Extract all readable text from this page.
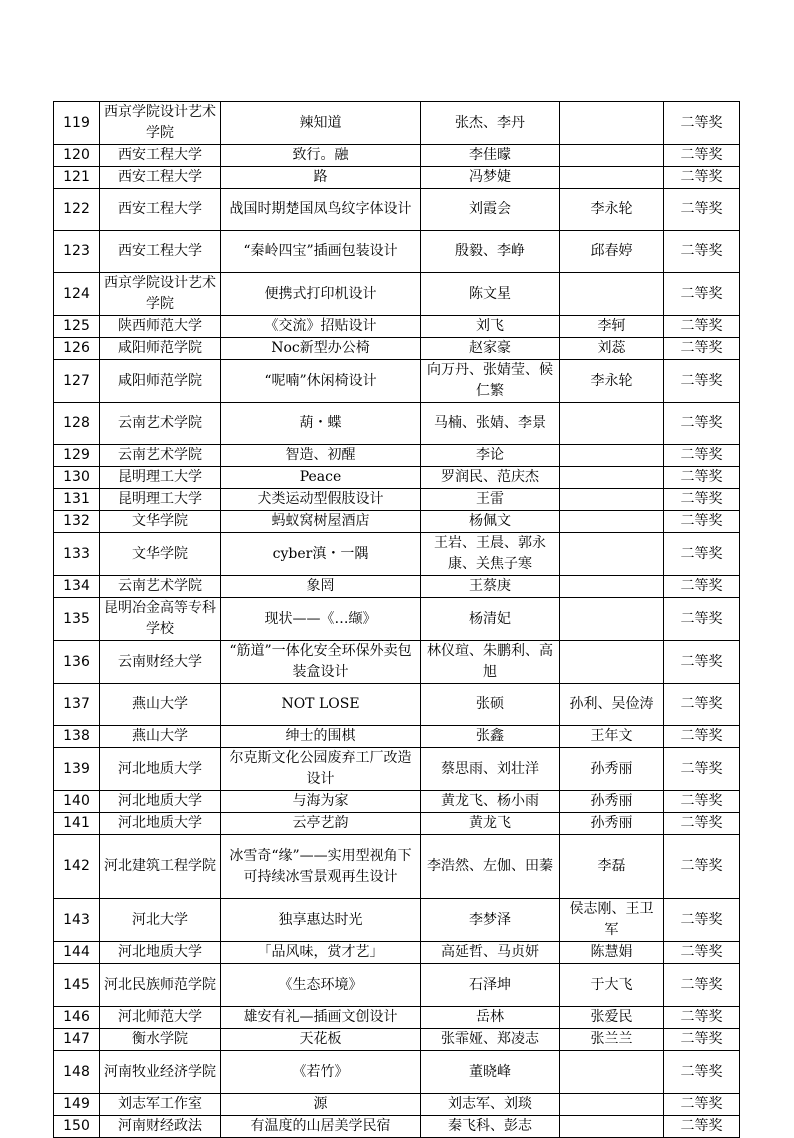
119	西京学院设计艺术学院	辣知道	张杰、李丹		二等奖
120	西安工程大学	致行。融	李佳曚		二等奖
121	西安工程大学	路	冯梦婕		二等奖
122	西安工程大学	战国时期楚国凤鸟纹字体设计	刘霞会	李永轮	二等奖
123	西安工程大学	“秦岭四宝”插画包装设计	殷毅、李峥	邱春婷	二等奖
124	西京学院设计艺术学院	便携式打印机设计	陈文星		二等奖
125	陕西师范大学	《交流》招贴设计	刘飞	李轲	二等奖
126	咸阳师范学院	Noc新型办公椅	赵家豪	刘蕊	二等奖
127	咸阳师范学院	“呢喃”休闲椅设计	向万丹、张婧莹、候仁繁	李永轮	二等奖
128	云南艺术学院	葫・蝶	马楠、张婧、李景		二等奖
129	云南艺术学院	智造、初醒	李论		二等奖
130	昆明理工大学	Peace	罗润民、范庆杰		二等奖
131	昆明理工大学	犬类运动型假肢设计	王雷		二等奖
132	文华学院	蚂蚁窝树屋酒店	杨佩文		二等奖
133	文华学院	cyber滇・一隅	王岩、王晨、郭永康、关焦子寒		二等奖
134	云南艺术学院	象罔	王蔡庚		二等奖
135	昆明冶金高等专科学校	现状——《…缬》	杨清妃		二等奖
136	云南财经大学	“筋道”一体化安全环保外卖包装盒设计	林仪瑄、朱鹏利、高旭		二等奖
137	燕山大学	NOT LOSE	张硕	孙利、吴俭涛	二等奖
138	燕山大学	绅士的围棋	张鑫	王年文	二等奖
139	河北地质大学	尔克斯文化公园废弃工厂改造设计	蔡思雨、刘壮洋	孙秀丽	二等奖
140	河北地质大学	与海为家	黄龙飞、杨小雨	孙秀丽	二等奖
141	河北地质大学	云亭艺韵	黄龙飞	孙秀丽	二等奖
142	河北建筑工程学院	冰雪奇“缘”——实用型视角下可持续冰雪景观再生设计	李浩然、左伽、田蓁	李磊	二等奖
143	河北大学	独享惠达时光	李梦泽	侯志刚、王卫军	二等奖
144	河北地质大学	「品风味，赏才艺」	高延哲、马贞妍	陈慧娟	二等奖
145	河北民族师范学院	《生态环境》	石泽坤	于大飞	二等奖
146	河北师范大学	雄安有礼—插画文创设计	岳林	张爱民	二等奖
147	衡水学院	天花板	张霏娅、郑凌志	张兰兰	二等奖
148	河南牧业经济学院	《若竹》	董晓峰		二等奖
149	刘志军工作室	源	刘志军、刘琰		二等奖
150	河南财经政法	有温度的山居美学民宿	秦飞科、彭志		二等奖
